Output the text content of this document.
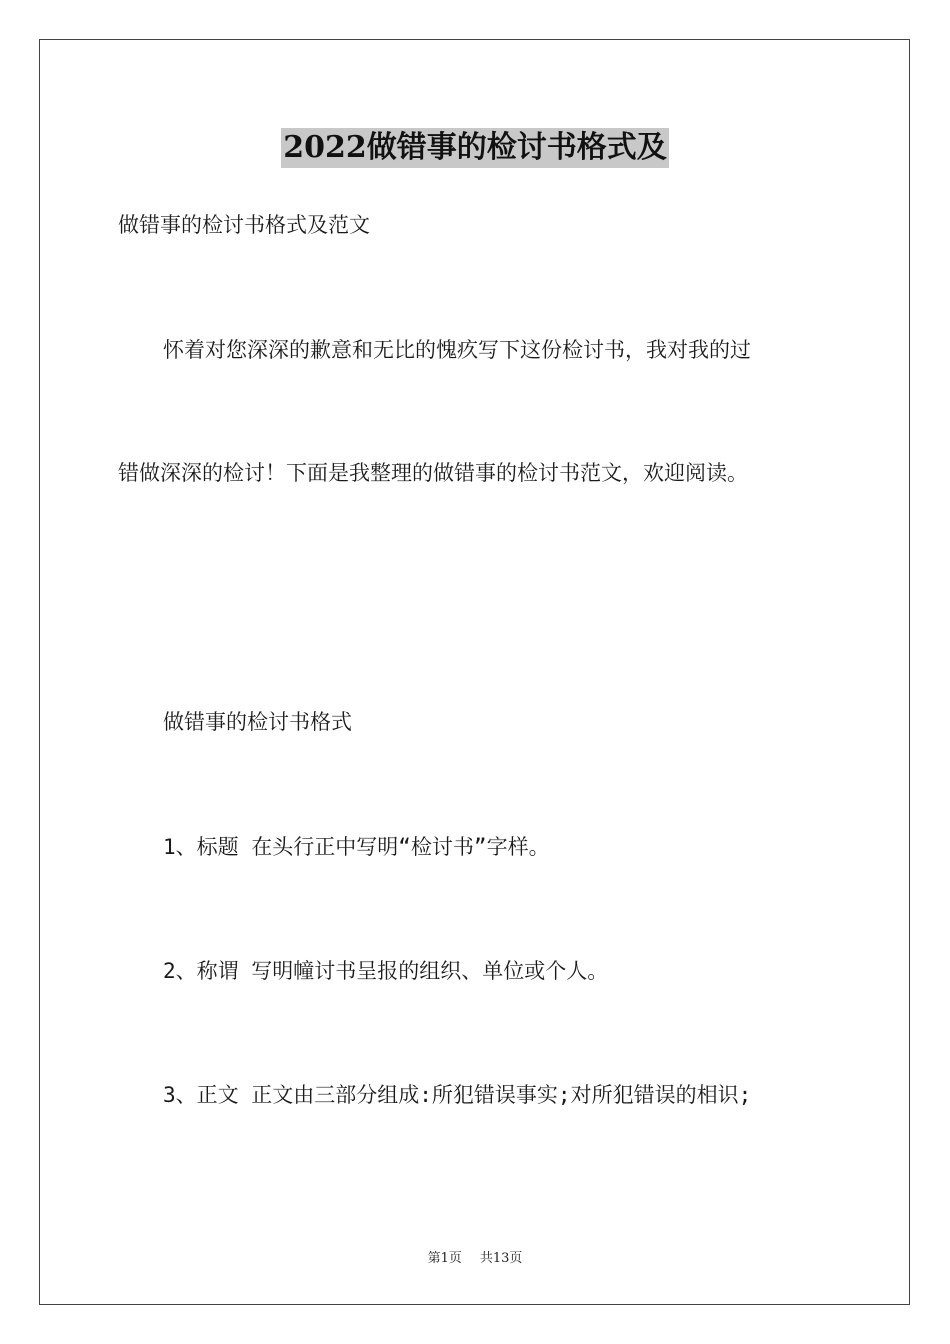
2022做错事的检讨书格式及
做错事的检讨书格式及范文
怀着对您深深的歉意和无比的愧疚写下这份检讨书，我对我的过
错做深深的检讨！下面是我整理的做错事的检讨书范文，欢迎阅读。
做错事的检讨书格式
1、标题 在头行正中写明“检讨书”字样。
2、称谓 写明幢讨书呈报的组织、单位或个人。
3、正文 正文由三部分组成:所犯错误事实;对所犯错误的相识;
第1页 共13页
